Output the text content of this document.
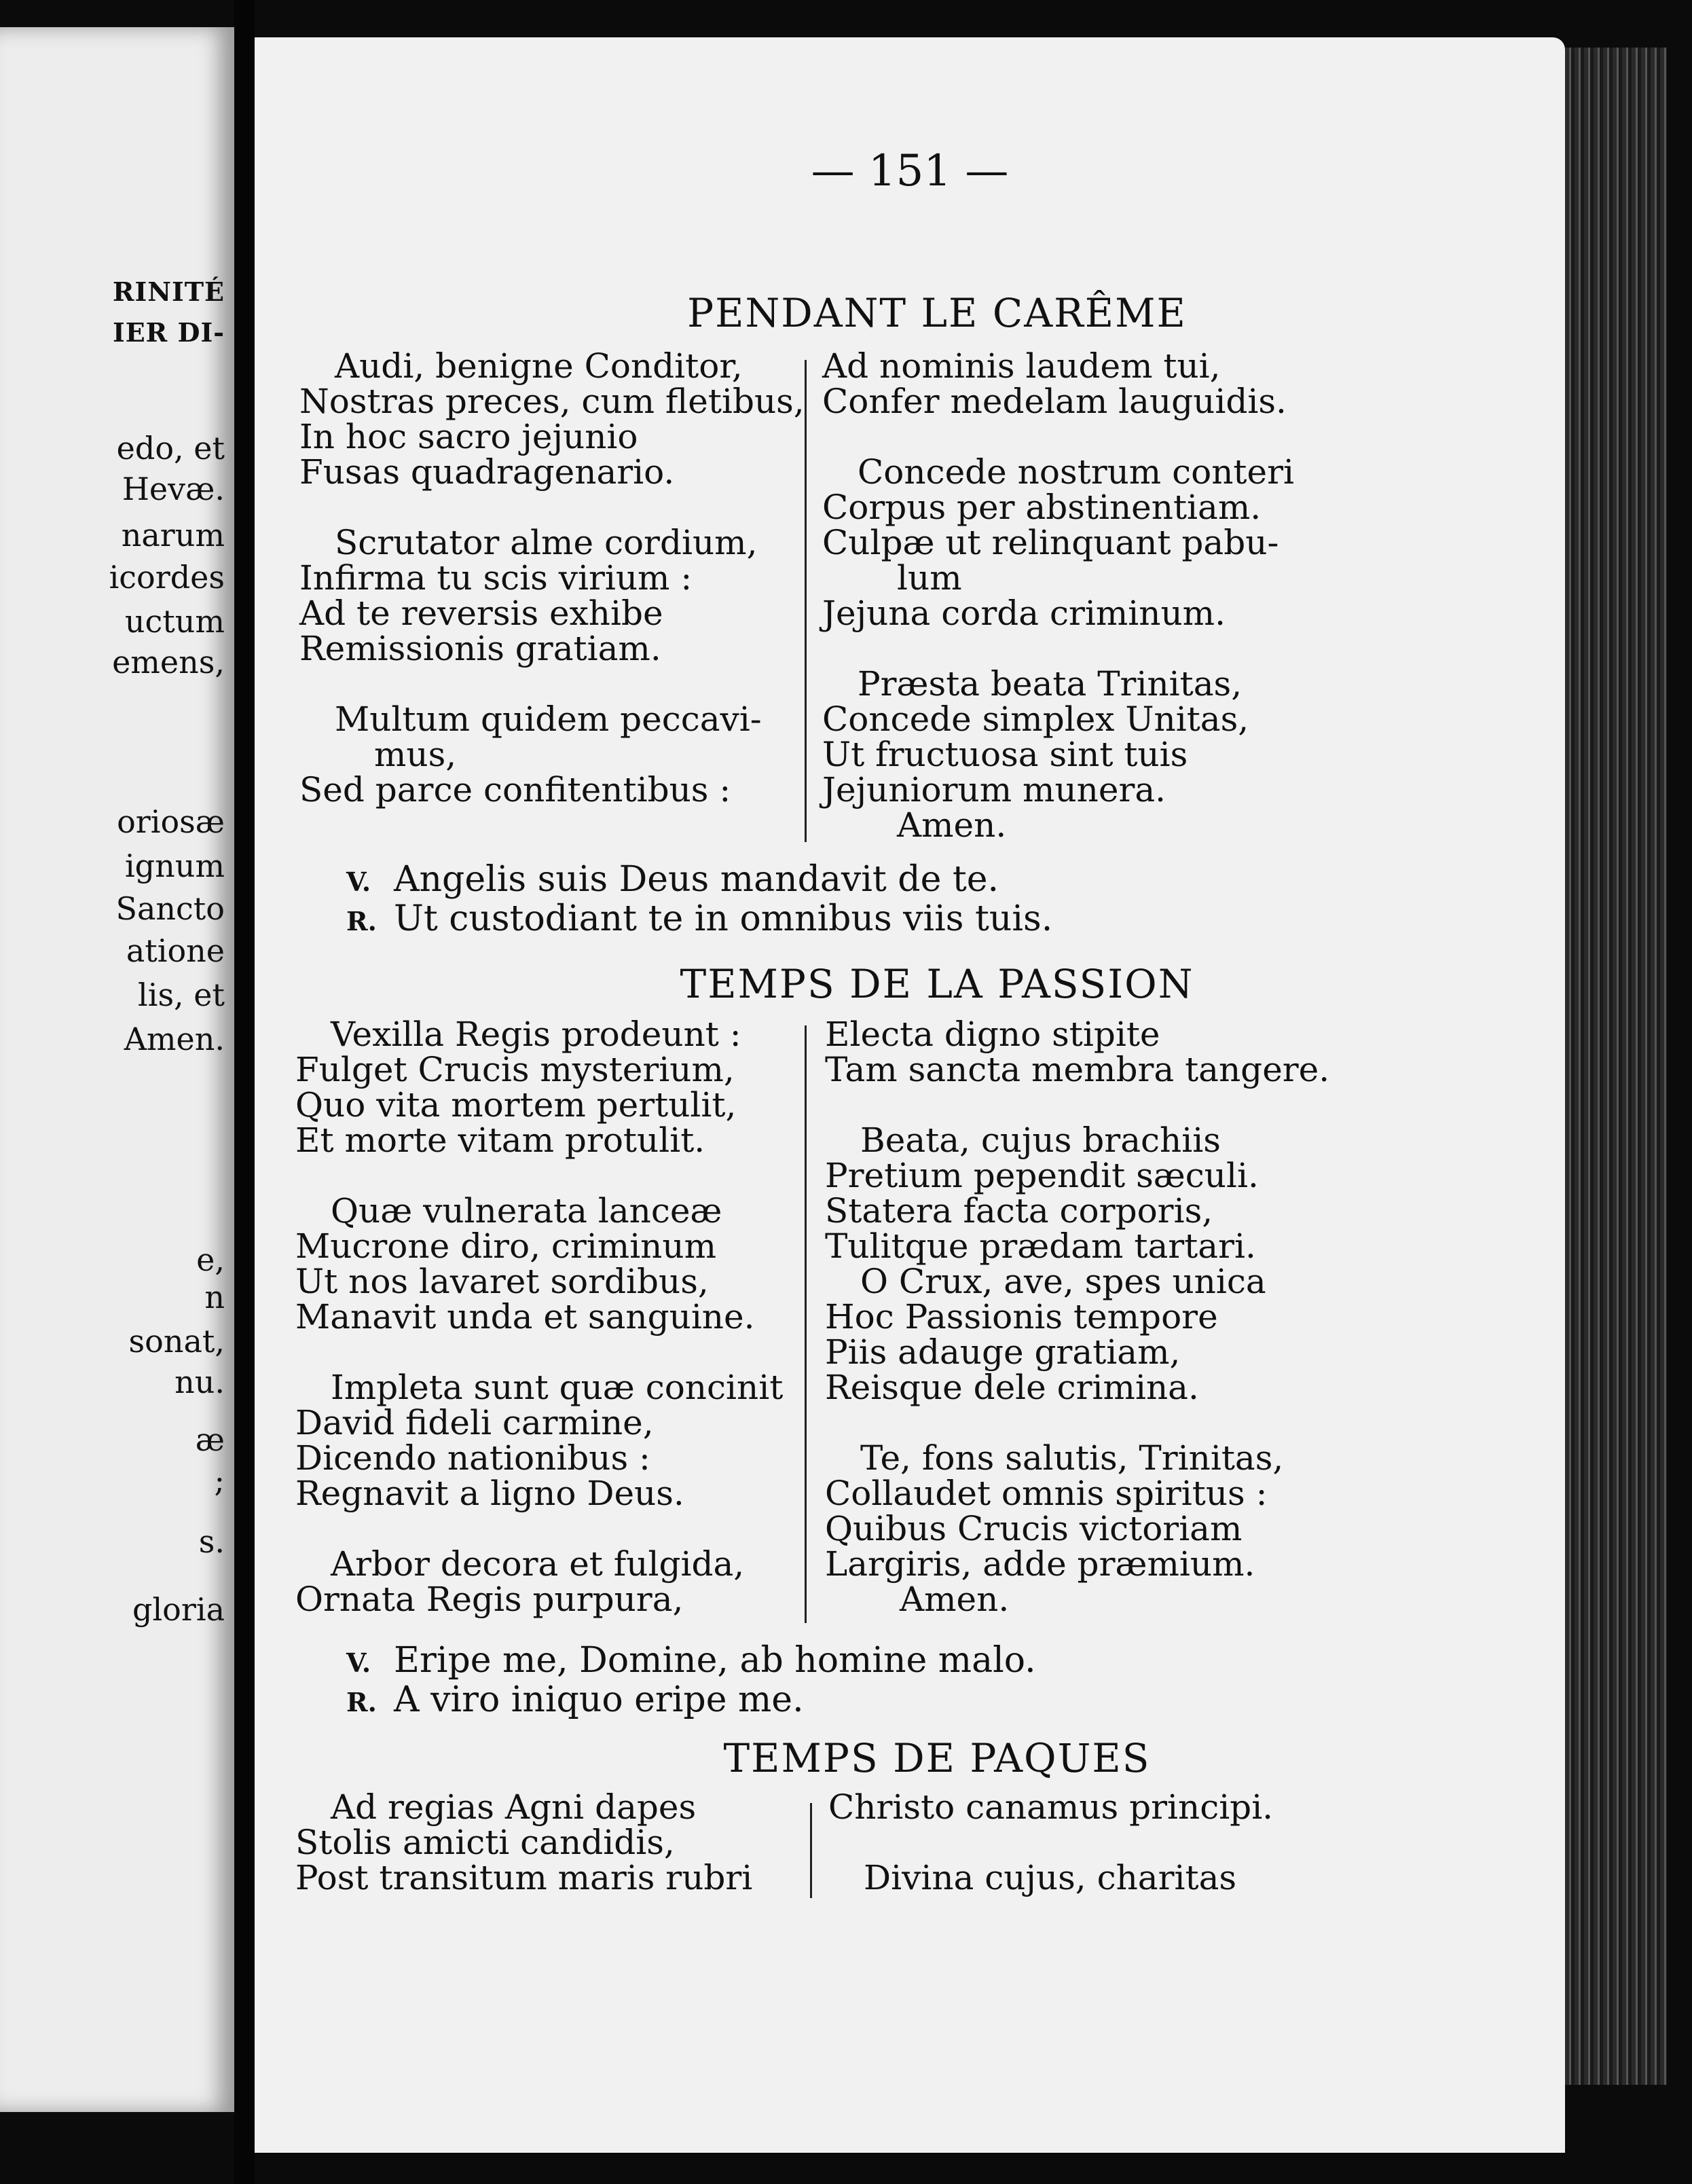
RINITÉ
IER DI-
edo, et
Hevæ.
narum
icordes
uctum
emens,
oriosæ
ignum
Sancto
atione
lis, et
Amen.
e,
n
sonat,
nu.
æ
;
s.
gloria
— 151 —
PENDANT LE CARÊME
Audi, benigne Conditor,
Nostras preces, cum fletibus,
In hoc sacro jejunio
Fusas quadragenario.
Scrutator alme cordium,
Infirma tu scis virium :
Ad te reversis exhibe
Remissionis gratiam.
Multum quidem peccavi-
mus,
Sed parce confitentibus :
Ad nominis laudem tui,
Confer medelam lauguidis.
Concede nostrum conteri
Corpus per abstinentiam.
Culpæ ut relinquant pabu-
lum
Jejuna corda criminum.
Præsta beata Trinitas,
Concede simplex Unitas,
Ut fructuosa sint tuis
Jejuniorum munera.
Amen.
V. Angelis suis Deus mandavit de te.
R. Ut custodiant te in omnibus viis tuis.
TEMPS DE LA PASSION
Vexilla Regis prodeunt :
Fulget Crucis mysterium,
Quo vita mortem pertulit,
Et morte vitam protulit.
Quæ vulnerata lanceæ
Mucrone diro, criminum
Ut nos lavaret sordibus,
Manavit unda et sanguine.
Impleta sunt quæ concinit
David fideli carmine,
Dicendo nationibus :
Regnavit a ligno Deus.
Arbor decora et fulgida,
Ornata Regis purpura,
Electa digno stipite
Tam sancta membra tangere.
Beata, cujus brachiis
Pretium pependit sæculi.
Statera facta corporis,
Tulitque prædam tartari.
O Crux, ave, spes unica
Hoc Passionis tempore
Piis adauge gratiam,
Reisque dele crimina.
Te, fons salutis, Trinitas,
Collaudet omnis spiritus :
Quibus Crucis victoriam
Largiris, adde præmium.
Amen.
V. Eripe me, Domine, ab homine malo.
R. A viro iniquo eripe me.
TEMPS DE PAQUES
Ad regias Agni dapes
Stolis amicti candidis,
Post transitum maris rubri
Christo canamus principi.
Divina cujus, charitas
